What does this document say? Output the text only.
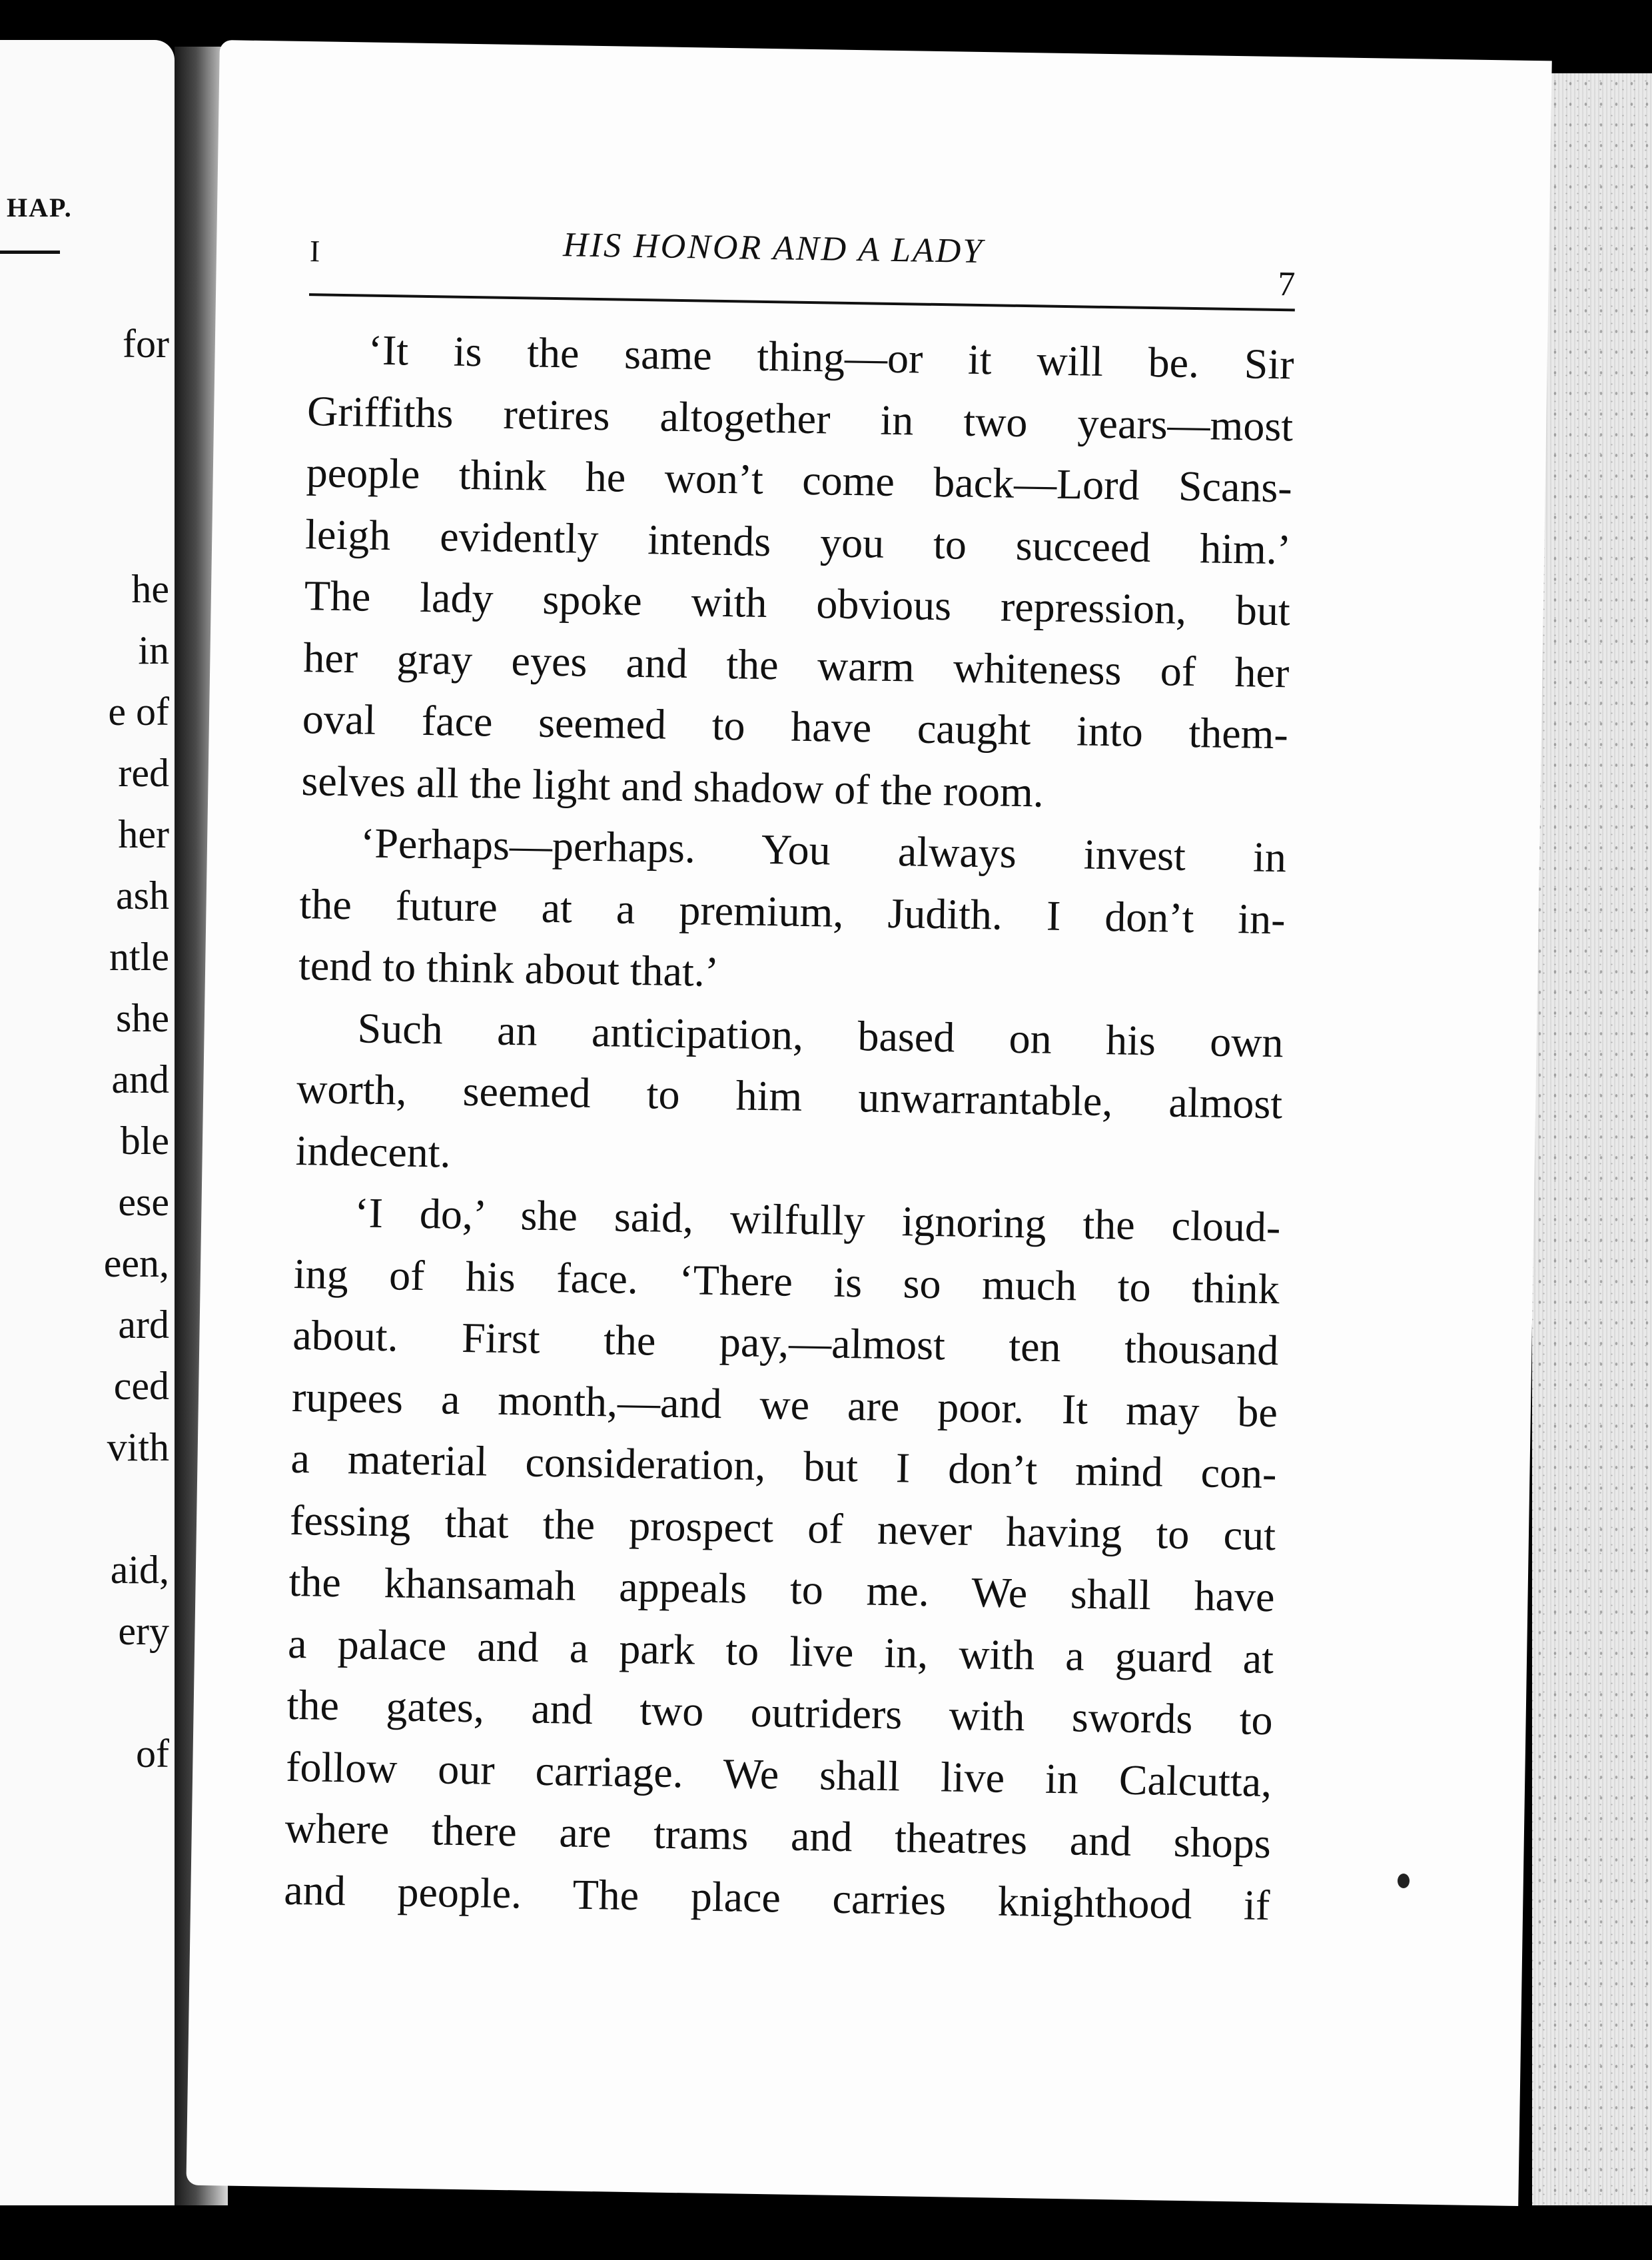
HAP.
for
he
in
e of
red
her
ash
ntle
she
and
ble
ese
een,
ard
ced
vith
aid,
ery
of
I	HIS HONOR AND A LADY
7
‘It is the same thing—or it will be. Sir
Griffiths retires altogether in two years—most
people think he won’t come back—Lord Scans-
leigh evidently intends you to succeed him.’
The lady spoke with obvious repression, but
her gray eyes and the warm whiteness of her
oval face seemed to have caught into them-
selves all the light and shadow of the room.
‘Perhaps—perhaps. You always invest in
the future at a premium, Judith. I don’t in-
tend to think about that.’
Such an anticipation, based on his own
worth, seemed to him unwarrantable, almost
indecent.
‘I do,’ she said, wilfully ignoring the cloud-
ing of his face. ‘There is so much to think
about. First the pay,—almost ten thousand
rupees a month,—and we are poor. It may be
a material consideration, but I don’t mind con-
fessing that the prospect of never having to cut
the khansamah appeals to me. We shall have
a palace and a park to live in, with a guard at
the gates, and two outriders with swords to
follow our carriage. We shall live in Calcutta,
where there are trams and theatres and shops
and people. The place carries knighthood if
